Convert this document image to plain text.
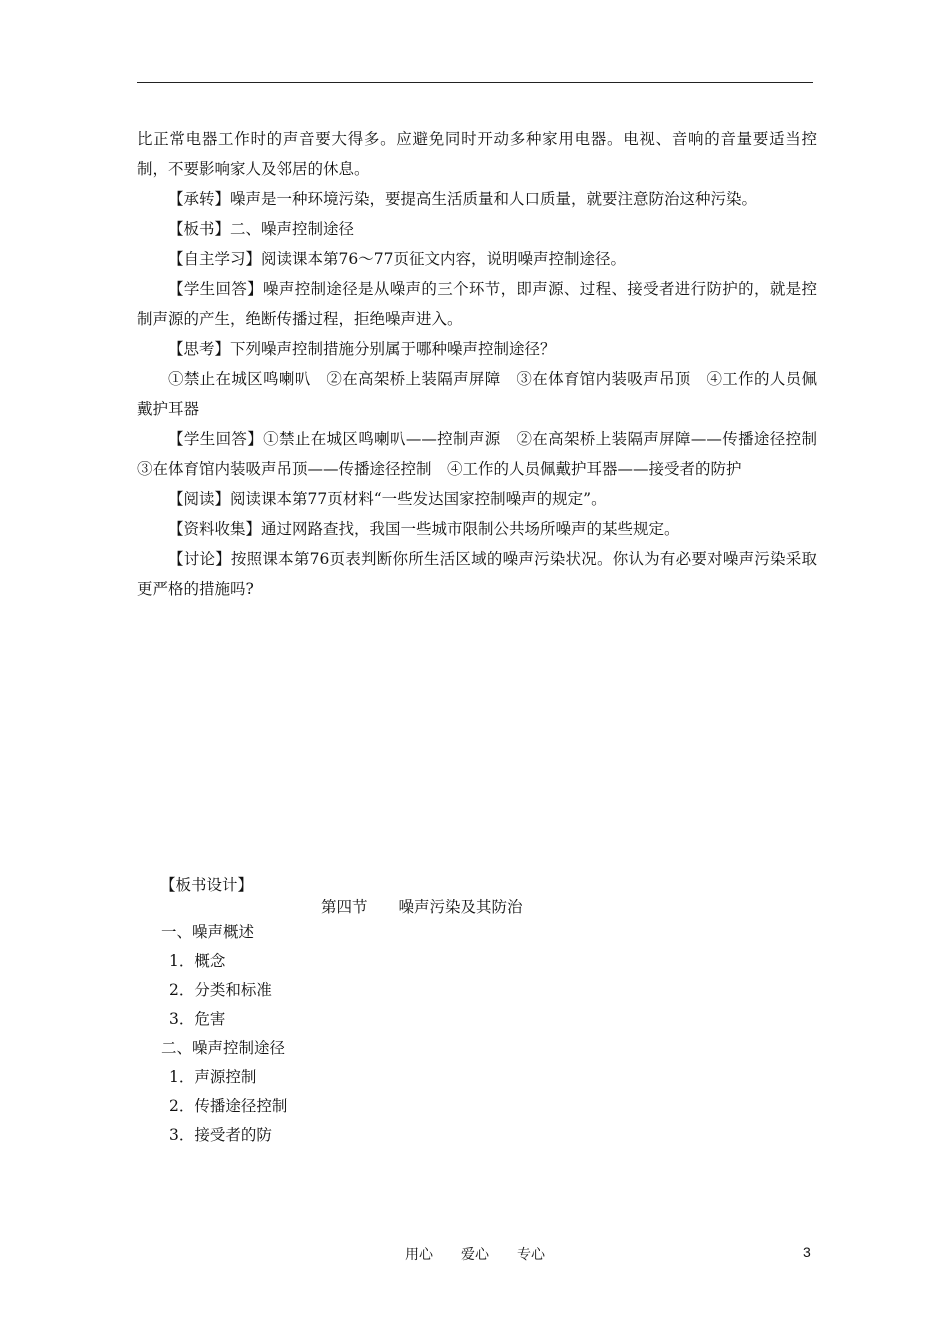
比正常电器工作时的声音要大得多。应避免同时开动多种家用电器。电视、音响的音量要适当控制，不要影响家人及邻居的休息。

【承转】噪声是一种环境污染，要提高生活质量和人口质量，就要注意防治这种污染。

【板书】二、噪声控制途径

【自主学习】阅读课本第76～77页征文内容，说明噪声控制途径。

【学生回答】噪声控制途径是从噪声的三个环节，即声源、过程、接受者进行防护的，就是控制声源的产生，绝断传播过程，拒绝噪声进入。

【思考】下列噪声控制措施分别属于哪种噪声控制途径？

①禁止在城区鸣喇叭　②在高架桥上装隔声屏障　③在体育馆内装吸声吊顶　④工作的人员佩戴护耳器

【学生回答】①禁止在城区鸣喇叭——控制声源　②在高架桥上装隔声屏障——传播途径控制　③在体育馆内装吸声吊顶——传播途径控制　④工作的人员佩戴护耳器——接受者的防护

【阅读】阅读课本第77页材料“一些发达国家控制噪声的规定”。

【资料收集】通过网路查找，我国一些城市限制公共场所噪声的某些规定。

【讨论】按照课本第76页表判断你所生活区域的噪声污染状况。你认为有必要对噪声污染采取更严格的措施吗?

【板书设计】
第四节　　噪声污染及其防治
一、噪声概述
1．概念
2．分类和标准
3．危害
二、噪声控制途径
1．声源控制
2．传播途径控制
3．接受者的防
用心　　爱心　　专心	3
